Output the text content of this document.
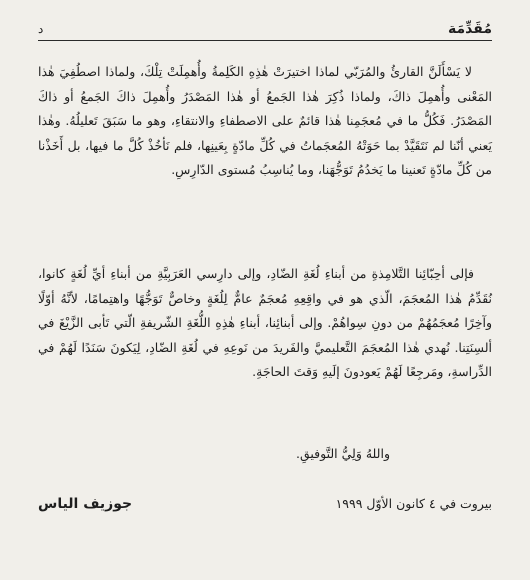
مُقَدِّمَة
د

لا يَسْأَلَنَّ القارئُ والمُرَبّي لماذا اختيرَتْ هٰذِهِ الكَلِمةُ وأُهمِلَتْ تِلْكَ، ولماذا اصطُفِيَ هٰذا المَعْنى وأُهمِلَ ذاكَ، ولماذا ذُكِرَ هٰذا الجَمعُ أو هٰذا المَصْدَرُ وأُهمِلَ ذاكَ الجَمعُ أو ذاكَ المَصْدَرُ. فَكُلُّ ما في مُعجَمِنا هٰذا قائمٌ على الاصطفاءِ والانتقاءِ، وهو ما سَبَقَ تَعليلُهُ. وهٰذا يَعني أنّنا لم نَتَقَيَّدْ بما حَوَتْهُ المُعجَماتُ في كُلِّ مادّةٍ بِعَينِها، فلم نَأخُذْ كُلَّ ما فيها، بل أَخَذْنا من كُلِّ مادّةٍ تَعنينا ما يَخدُمُ تَوَجُّهَنا، وما يُناسِبُ مُستوى الدّارِسِ.

فإلى أحِبّائِنا التَّلامِذةِ من أبناءِ لُغَةِ الضّادِ، وإلى دارِسي العَرَبِيَّةِ من أبناءِ أيِّ لُغَةٍ كانوا، نُقَدِّمُ هٰذا المُعجَمَ، الّذي هو في واقِعِهِ مُعجَمٌ عامٌّ لِلُغَةٍ وخاصٌّ تَوَجُّهًا واهتِمامًا، لأنَّهُ أوّلًا وآخِرًا مُعجَمُهُمْ من دونِ سِواهُمْ. وإلى أبنائِنا، أبناءِ هٰذِهِ اللُّغَةِ الشّريفةِ الّتي تَأبى الزَّيْغَ في ألسِنَتِنا. نُهدي هٰذا المُعجَمَ التَّعليميَّ والفَريدَ من نَوعِهِ في لُغَةِ الضّادِ، لِيَكونَ سَنَدًا لَهُمْ في الدِّراسةِ، ومَرجِعًا لَهُمْ يَعودونَ إلَيهِ وَقتَ الحاجَةِ.

واللهُ وَلِيُّ التَّوفيقِ.

بيروت في ٤ كانون الأوّل ١٩٩٩
جوزيف الياس
